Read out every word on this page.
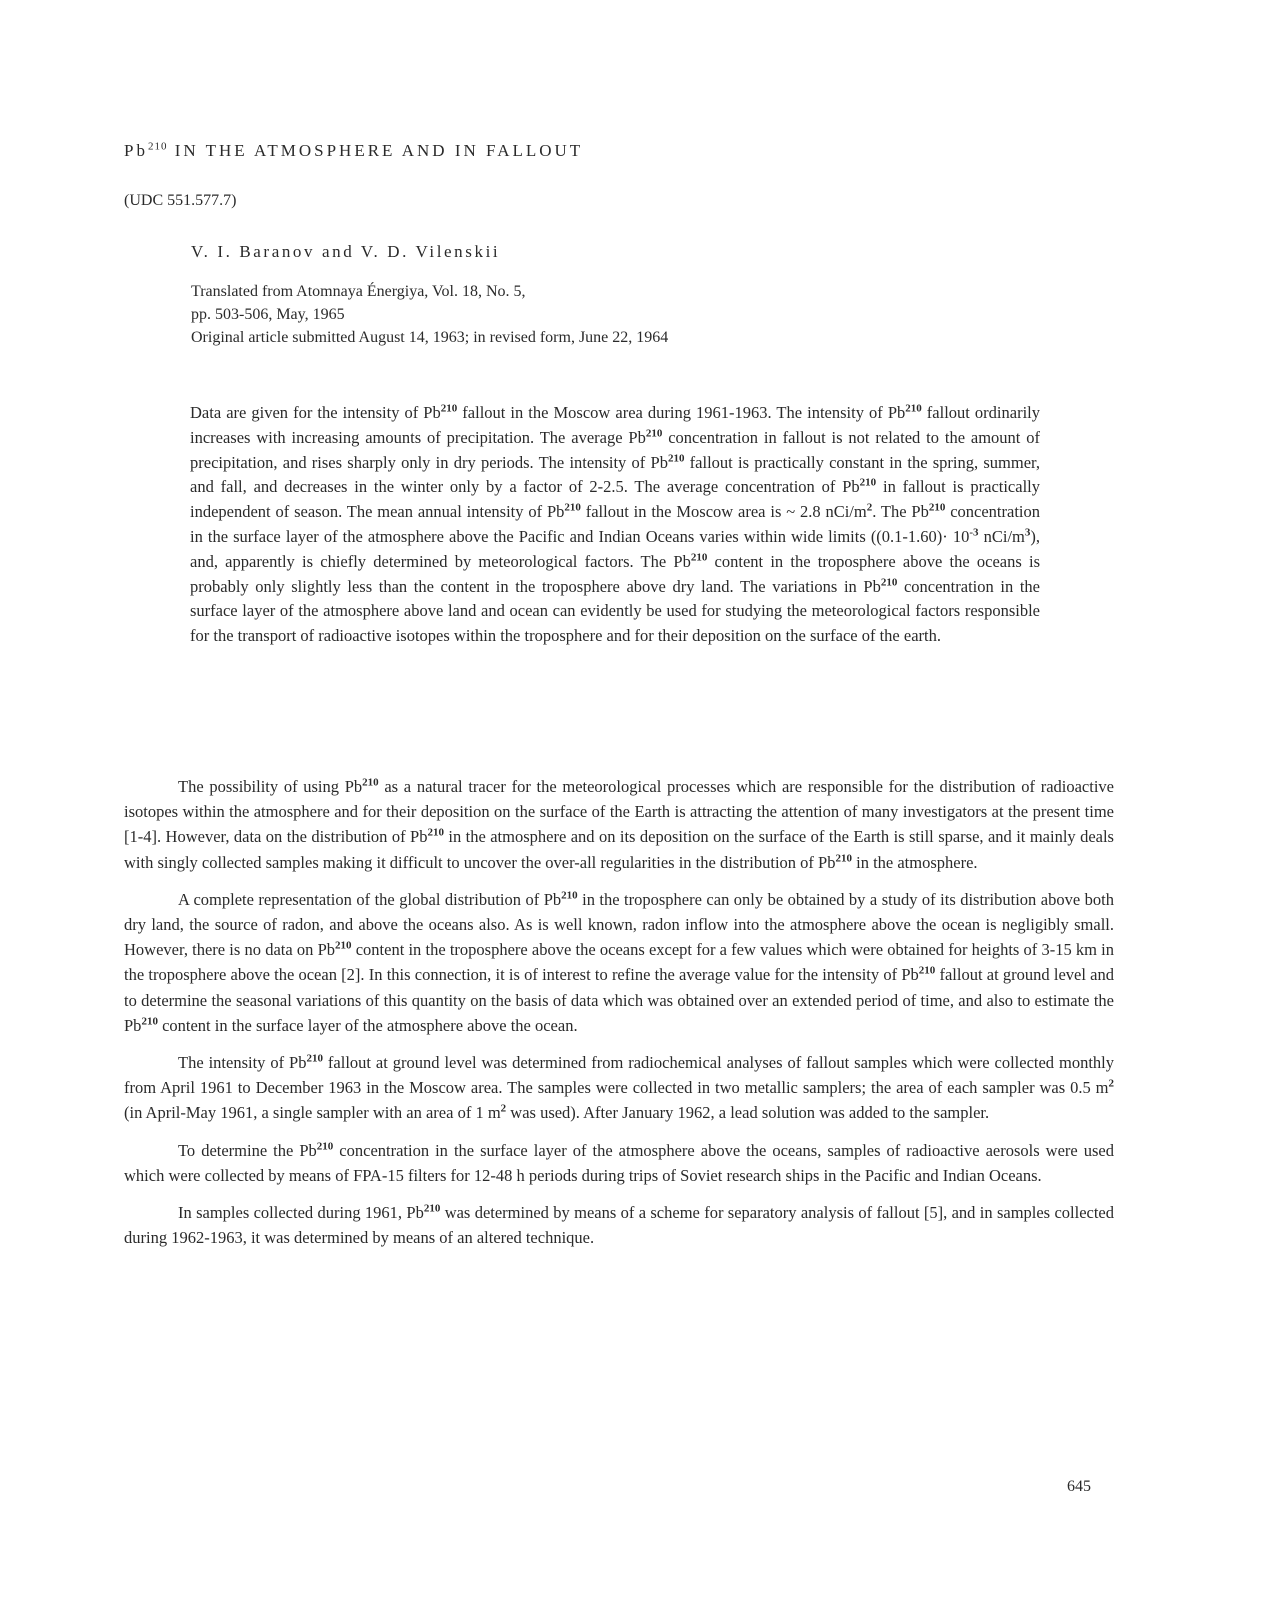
Pb$^{210}$ IN THE ATMOSPHERE AND IN FALLOUT
(UDC 551.577.7)
V. I. Baranov and V. D. Vilenskii
Translated from Atomnaya Énergiya, Vol. 18, No. 5,
pp. 503-506, May, 1965
Original article submitted August 14, 1963; in revised form, June 22, 1964
Data are given for the intensity of Pb$^{210}$ fallout in the Moscow area during 1961-1963. The intensity of Pb$^{210}$ fallout ordinarily increases with increasing amounts of precipitation. The average Pb$^{210}$ concentration in fallout is not related to the amount of precipitation, and rises sharply only in dry periods. The intensity of Pb$^{210}$ fallout is practically constant in the spring, summer, and fall, and decreases in the winter only by a factor of 2-2.5. The average concentration of Pb$^{210}$ in fallout is practically independent of season. The mean annual intensity of Pb$^{210}$ fallout in the Moscow area is ~ 2.8 nCi/$m^2$. The Pb$^{210}$ concentration in the surface layer of the atmosphere above the Pacific and Indian Oceans varies within wide limits ($(0.1-1.60)\cdot 10^{-3}$ nCi/$m^3$), and, apparently is chiefly determined by meteorological factors. The Pb$^{210}$ content in the troposphere above the oceans is probably only slightly less than the content in the troposphere above dry land. The variations in Pb$^{210}$ concentration in the surface layer of the atmosphere above land and ocean can evidently be used for studying the meteorological factors responsible for the transport of radioactive isotopes within the troposphere and for their deposition on the surface of the earth.

The possibility of using Pb$^{210}$ as a natural tracer for the meteorological processes which are responsible for the distribution of radioactive isotopes within the atmosphere and for their deposition on the surface of the Earth is attracting the attention of many investigators at the present time [1-4]. However, data on the distribution of Pb$^{210}$ in the atmosphere and on its deposition on the surface of the Earth is still sparse, and it mainly deals with singly collected samples making it difficult to uncover the over-all regularities in the distribution of Pb$^{210}$ in the atmosphere.

A complete representation of the global distribution of Pb$^{210}$ in the troposphere can only be obtained by a study of its distribution above both dry land, the source of radon, and above the oceans also. As is well known, radon inflow into the atmosphere above the ocean is negligibly small. However, there is no data on Pb$^{210}$ content in the troposphere above the oceans except for a few values which were obtained for heights of 3-15 km in the troposphere above the ocean [2]. In this connection, it is of interest to refine the average value for the intensity of Pb$^{210}$ fallout at ground level and to determine the seasonal variations of this quantity on the basis of data which was obtained over an extended period of time, and also to estimate the Pb$^{210}$ content in the surface layer of the atmosphere above the ocean.

The intensity of Pb$^{210}$ fallout at ground level was determined from radiochemical analyses of fallout samples which were collected monthly from April 1961 to December 1963 in the Moscow area. The samples were collected in two metallic samplers; the area of each sampler was 0.5 $m^2$ (in April-May 1961, a single sampler with an area of 1 $m^2$ was used). After January 1962, a lead solution was added to the sampler.

To determine the Pb$^{210}$ concentration in the surface layer of the atmosphere above the oceans, samples of radioactive aerosols were used which were collected by means of FPA-15 filters for 12-48 h periods during trips of Soviet research ships in the Pacific and Indian Oceans.

In samples collected during 1961, Pb$^{210}$ was determined by means of a scheme for separatory analysis of fallout [5], and in samples collected during 1962-1963, it was determined by means of an altered technique.

645
